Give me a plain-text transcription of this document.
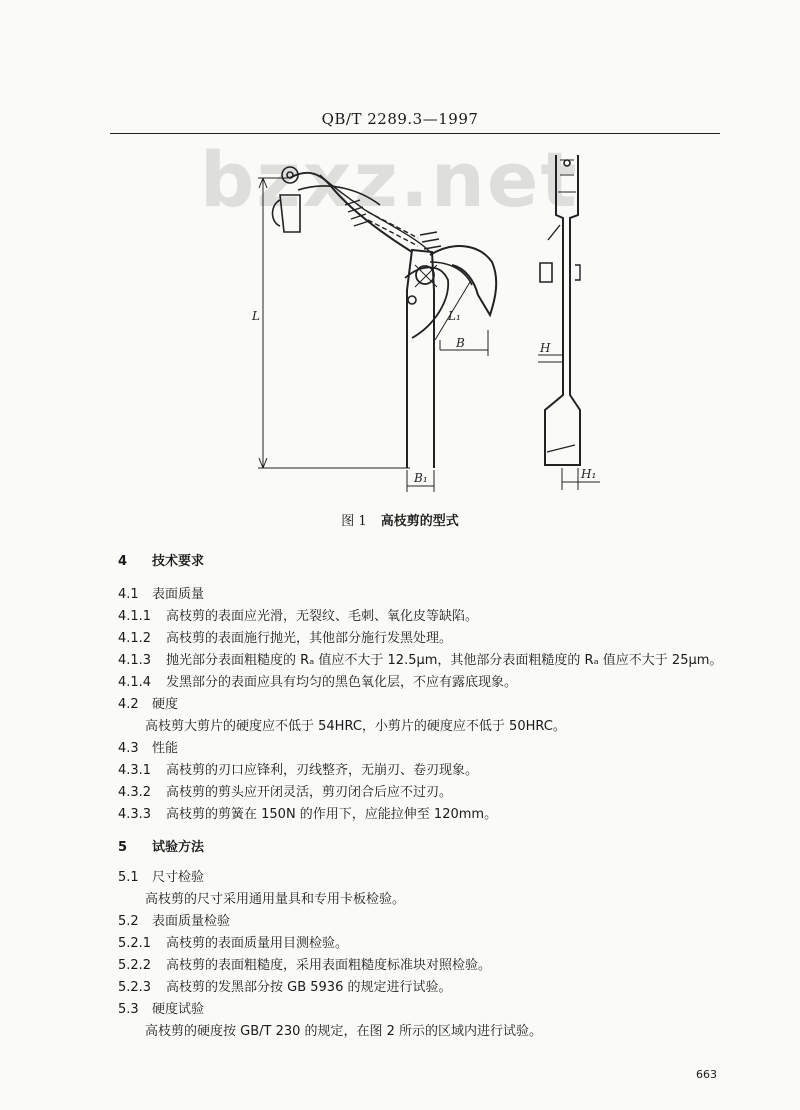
QB/T 2289.3—1997
bzxz.net
L	L₁
B
B₁
H
H₁
图 1 高枝剪的型式
4 技术要求
4.1 表面质量
4.1.1 高枝剪的表面应光滑，无裂纹、毛刺、氧化皮等缺陷。
4.1.2 高枝剪的表面施行抛光，其他部分施行发黑处理。
4.1.3 抛光部分表面粗糙度的 Rₐ 值应不大于 12.5μm，其他部分表面粗糙度的 Rₐ 值应不大于 25μm。
4.1.4 发黑部分的表面应具有均匀的黑色氧化层，不应有露底现象。
4.2 硬度
高枝剪大剪片的硬度应不低于 54HRC，小剪片的硬度应不低于 50HRC。
4.3 性能
4.3.1 高枝剪的刃口应锋利，刃线整齐，无崩刃、卷刃现象。
4.3.2 高枝剪的剪头应开闭灵活，剪刃闭合后应不过刃。
4.3.3 高枝剪的剪簧在 150N 的作用下，应能拉伸至 120mm。
5 试验方法
5.1 尺寸检验
高枝剪的尺寸采用通用量具和专用卡板检验。
5.2 表面质量检验
5.2.1 高枝剪的表面质量用目测检验。
5.2.2 高枝剪的表面粗糙度，采用表面粗糙度标准块对照检验。
5.2.3 高枝剪的发黑部分按 GB 5936 的规定进行试验。
5.3 硬度试验
高枝剪的硬度按 GB/T 230 的规定，在图 2 所示的区域内进行试验。
663
